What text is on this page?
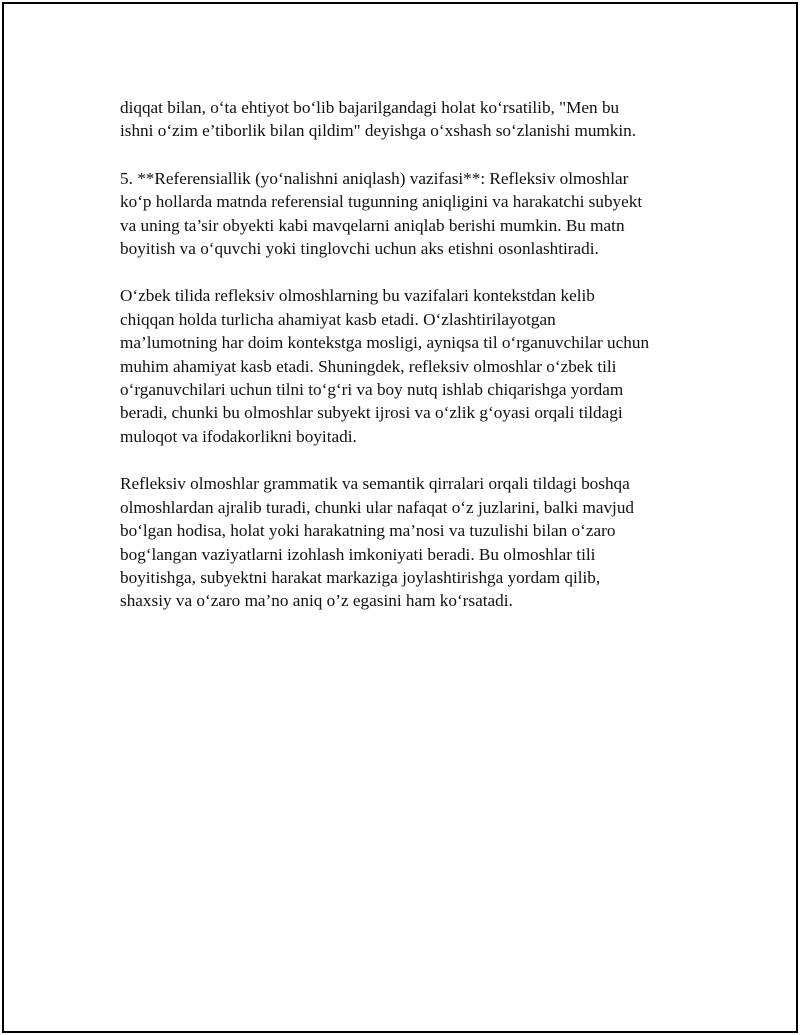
diqqat bilan, o‘ta ehtiyot bo‘lib bajarilgandagi holat ko‘rsatilib, "Men bu
ishni o‘zim e’tiborlik bilan qildim" deyishga o‘xshash so‘zlanishi mumkin.

5. **Referensiallik (yo‘nalishni aniqlash) vazifasi**: Refleksiv olmoshlar
ko‘p hollarda matnda referensial tugunning aniqligini va harakatchi subyekt
va uning ta’sir obyekti kabi mavqelarni aniqlab berishi mumkin. Bu matn
boyitish va o‘quvchi yoki tinglovchi uchun aks etishni osonlashtiradi.

O‘zbek tilida refleksiv olmoshlarning bu vazifalari kontekstdan kelib
chiqqan holda turlicha ahamiyat kasb etadi. O‘zlashtirilayotgan
ma’lumotning har doim kontekstga mosligi, ayniqsa til o‘rganuvchilar uchun
muhim ahamiyat kasb etadi. Shuningdek, refleksiv olmoshlar o‘zbek tili
o‘rganuvchilari uchun tilni to‘g‘ri va boy nutq ishlab chiqarishga yordam
beradi, chunki bu olmoshlar subyekt ijrosi va o‘zlik g‘oyasi orqali tildagi
muloqot va ifodakorlikni boyitadi.

Refleksiv olmoshlar grammatik va semantik qirralari orqali tildagi boshqa
olmoshlardan ajralib turadi, chunki ular nafaqat o‘z juzlarini, balki mavjud
bo‘lgan hodisa, holat yoki harakatning ma’nosi va tuzulishi bilan o‘zaro
bog‘langan vaziyatlarni izohlash imkoniyati beradi. Bu olmoshlar tili
boyitishga, subyektni harakat markaziga joylashtirishga yordam qilib,
shaxsiy va o‘zaro ma’no aniq o’z egasini ham ko‘rsatadi.
